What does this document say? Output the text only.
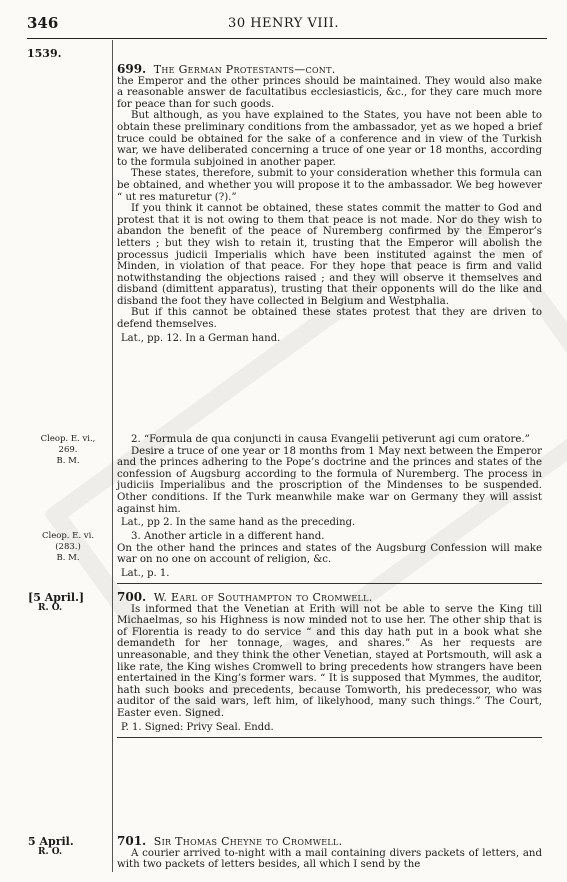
346	30 HENRY VIII.
1539.
699. The German Protestants—cont.

the Emperor and the other princes should be maintained. They would also make a reasonable answer de facultatibus ecclesiasticis, &c., for they care much more for peace than for such goods.

But although, as you have explained to the States, you have not been able to obtain these preliminary conditions from the ambassador, yet as we hoped a brief truce could be obtained for the sake of a conference and in view of the Turkish war, we have deliberated concerning a truce of one year or 18 months, according to the formula subjoined in another paper.

These states, therefore, submit to your consideration whether this formula can be obtained, and whether you will propose it to the ambassador. We beg however “ ut res maturetur (?).”

If you think it cannot be obtained, these states commit the matter to God and protest that it is not owing to them that peace is not made. Nor do they wish to abandon the benefit of the peace of Nuremberg confirmed by the Emperor’s letters ; but they wish to retain it, trusting that the Emperor will abolish the processus judicii Imperialis which have been instituted against the men of Minden, in violation of that peace. For they hope that peace is firm and valid notwithstanding the objections raised ; and they will observe it themselves and disband (dimittent apparatus), trusting that their opponents will do the like and disband the foot they have collected in Belgium and Westphalia.

But if this cannot be obtained these states protest that they are driven to defend themselves.

Lat., pp. 12. In a German hand.
Cleop. E. vi.,
269.
B. M.

2. “Formula de qua conjuncti in causa Evangelii petiverunt agi cum oratore.”

Desire a truce of one year or 18 months from 1 May next between the Emperor and the princes adhering to the Pope’s doctrine and the princes and states of the confession of Augsburg according to the formula of Nuremberg. The process in judiciis Imperialibus and the proscription of the Mindenses to be suspended. Other conditions. If the Turk meanwhile make war on Germany they will assist against him.

Lat., pp 2. In the same hand as the preceding.
Cleop. E. vi.
(283.)
B. M.

3. Another article in a different hand.

On the other hand the princes and states of the Augsburg Confession will make war on no one on account of religion, &c.

Lat., p. 1.
[5 April.]
R. O.
700. W. Earl of Southampton to Cromwell.

Is informed that the Venetian at Erith will not be able to serve the King till Michaelmas, so his Highness is now minded not to use her. The other ship that is of Florentia is ready to do service “ and this day hath put in a book what she demandeth for her tonnage, wages, and shares.” As her requests are unreasonable, and they think the other Venetian, stayed at Portsmouth, will ask a like rate, the King wishes Cromwell to bring precedents how strangers have been entertained in the King’s former wars. “ It is supposed that Mymmes, the auditor, hath such books and precedents, because Tomworth, his predecessor, who was auditor of the said wars, left him, of likelyhood, many such things.” The Court, Easter even. Signed.

P. 1. Signed: Privy Seal. Endd.
5 April.
R. O.
701. Sir Thomas Cheyne to Cromwell.

A courier arrived to-night with a mail containing divers packets of letters, and with two packets of letters besides, all which I send by the
